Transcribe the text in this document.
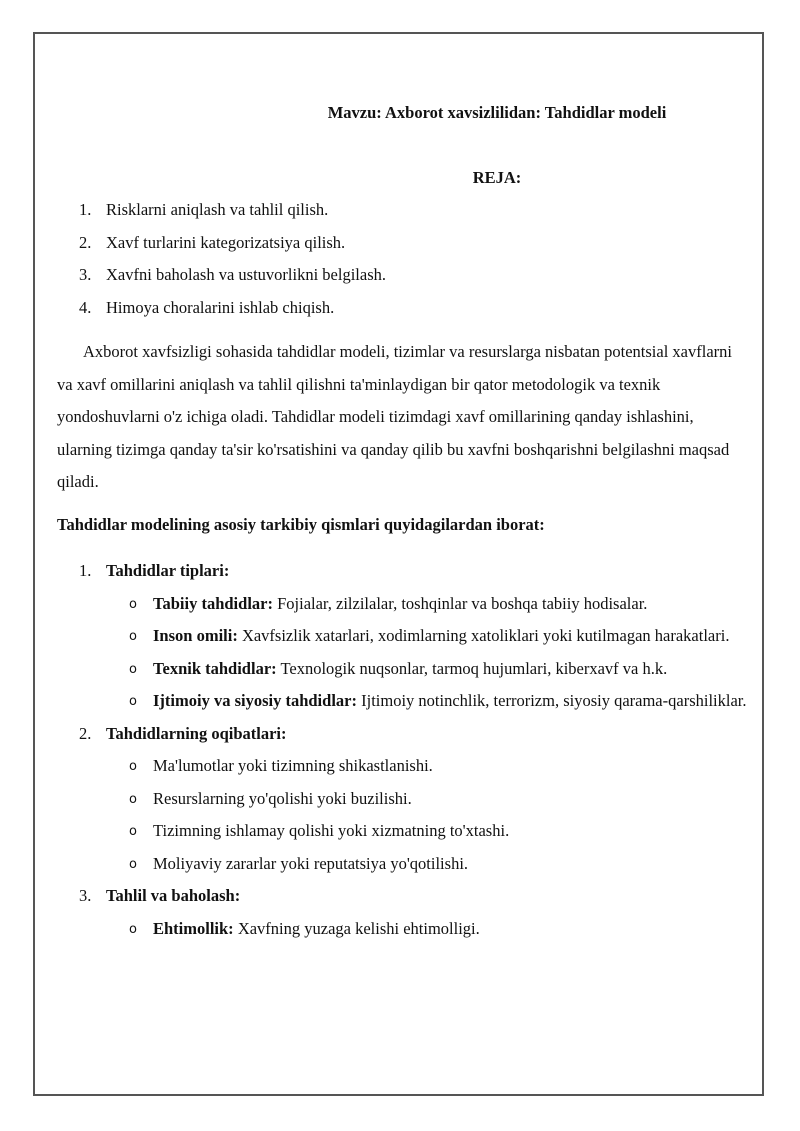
Mavzu: Axborot xavsizlilidan: Tahdidlar modeli
REJA:
1. Risklarni aniqlash va tahlil qilish.
2. Xavf turlarini kategorizatsiya qilish.
3. Xavfni baholash va ustuvorlikni belgilash.
4. Himoya choralarini ishlab chiqish.
Axborot xavfsizligi sohasida tahdidlar modeli, tizimlar va resurslarga nisbatan potentsial xavflarni va xavf omillarini aniqlash va tahlil qilishni ta'minlaydigan bir qator metodologik va texnik yondoshuvlarni o'z ichiga oladi. Tahdidlar modeli tizimdagi xavf omillarining qanday ishlashini, ularning tizimga qanday ta'sir ko'rsatishini va qanday qilib bu xavfni boshqarishni belgilashni maqsad qiladi.
Tahdidlar modelining asosiy tarkibiy qismlari quyidagilardan iborat:
1. Tahdidlar tiplari:
o Tabiiy tahdidlar: Fojialar, zilzilalar, toshqinlar va boshqa tabiiy hodisalar.
o Inson omili: Xavfsizlik xatarlari, xodimlarning xatoliklari yoki kutilmagan harakatlari.
o Texnik tahdidlar: Texnologik nuqsonlar, tarmoq hujumlari, kiberxavf va h.k.
o Ijtimoiy va siyosiy tahdidlar: Ijtimoiy notinchlik, terrorizm, siyosiy qarama-qarshiliklar.
2. Tahdidlarning oqibatlari:
o Ma'lumotlar yoki tizimning shikastlanishi.
o Resurslarning yo'qolishi yoki buzilishi.
o Tizimning ishlamay qolishi yoki xizmatning to'xtashi.
o Moliyaviy zararlar yoki reputatsiya yo'qotilishi.
3. Tahlil va baholash:
o Ehtimollik: Xavfning yuzaga kelishi ehtimolligi.
